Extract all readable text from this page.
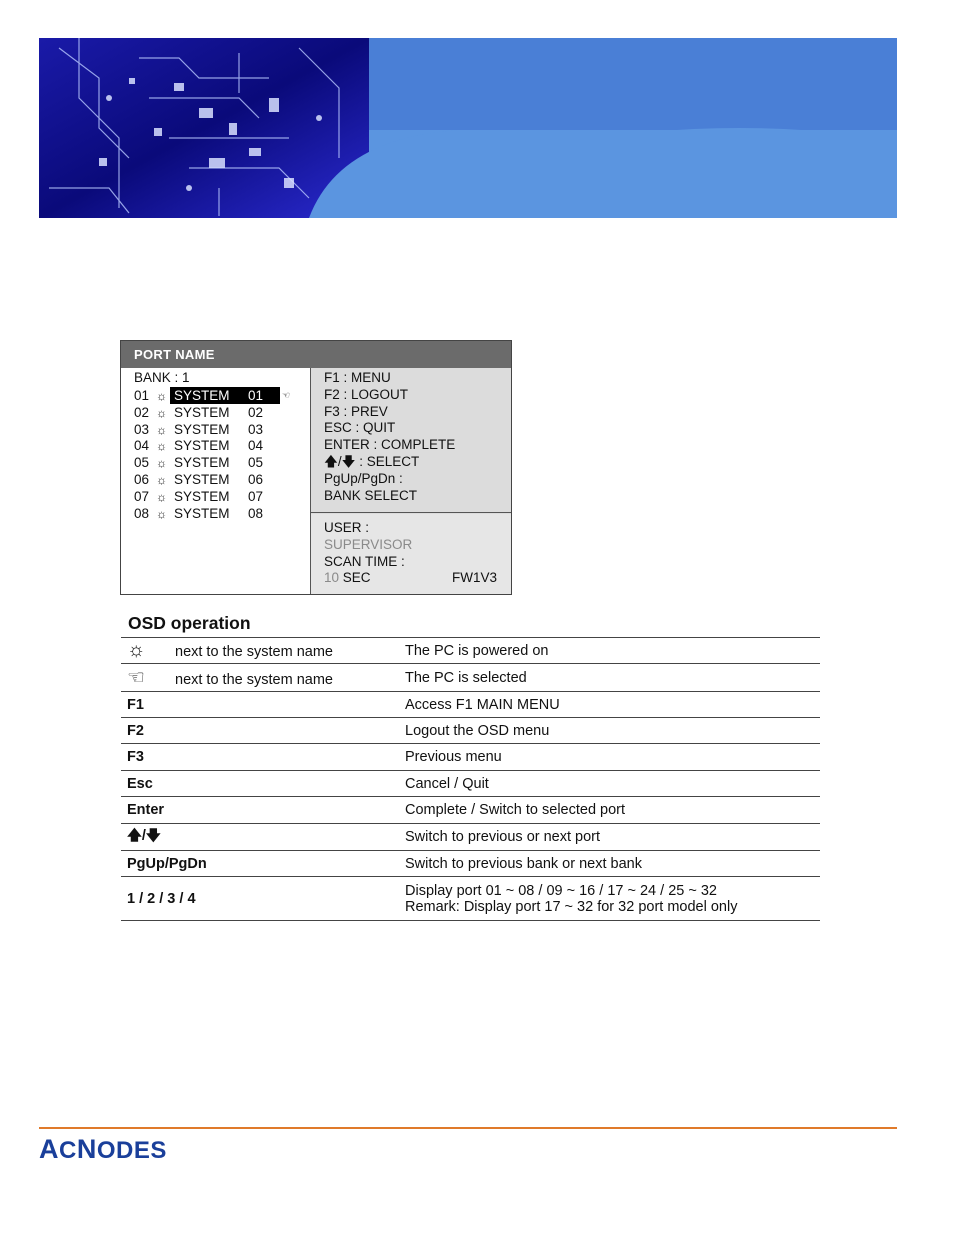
PORT NAME
BANK : 1
01 ☼ SYSTEM 01 ☜
02 ☼ SYSTEM 02
03 ☼ SYSTEM 03
04 ☼ SYSTEM 04
05 ☼ SYSTEM 05
06 ☼ SYSTEM 06
07 ☼ SYSTEM 07
08 ☼ SYSTEM 08
F1 : MENU
F2 : LOGOUT
F3 : PREV
ESC : QUIT
ENTER : COMPLETE
🡅/🡇 : SELECT
PgUp/PgDn :
BANK SELECT
USER :
SUPERVISOR
SCAN TIME :
10 SEC	FW1V3
OSD operation
☼ next to the system name	The PC is powered on

☜ next to the system name	The PC is selected

F1	Access F1 MAIN MENU

F2	Logout the OSD menu

F3	Previous menu

Esc	Cancel / Quit

Enter	Complete / Switch to selected port

🡅/🡇	Switch to previous or next port

PgUp/PgDn	Switch to previous bank or next bank

1 / 2 / 3 / 4	Display port 01 ~ 08 / 09 ~ 16 / 17 ~ 24 / 25 ~ 32
Remark: Display port 17 ~ 32 for 32 port model only
ACNODES
